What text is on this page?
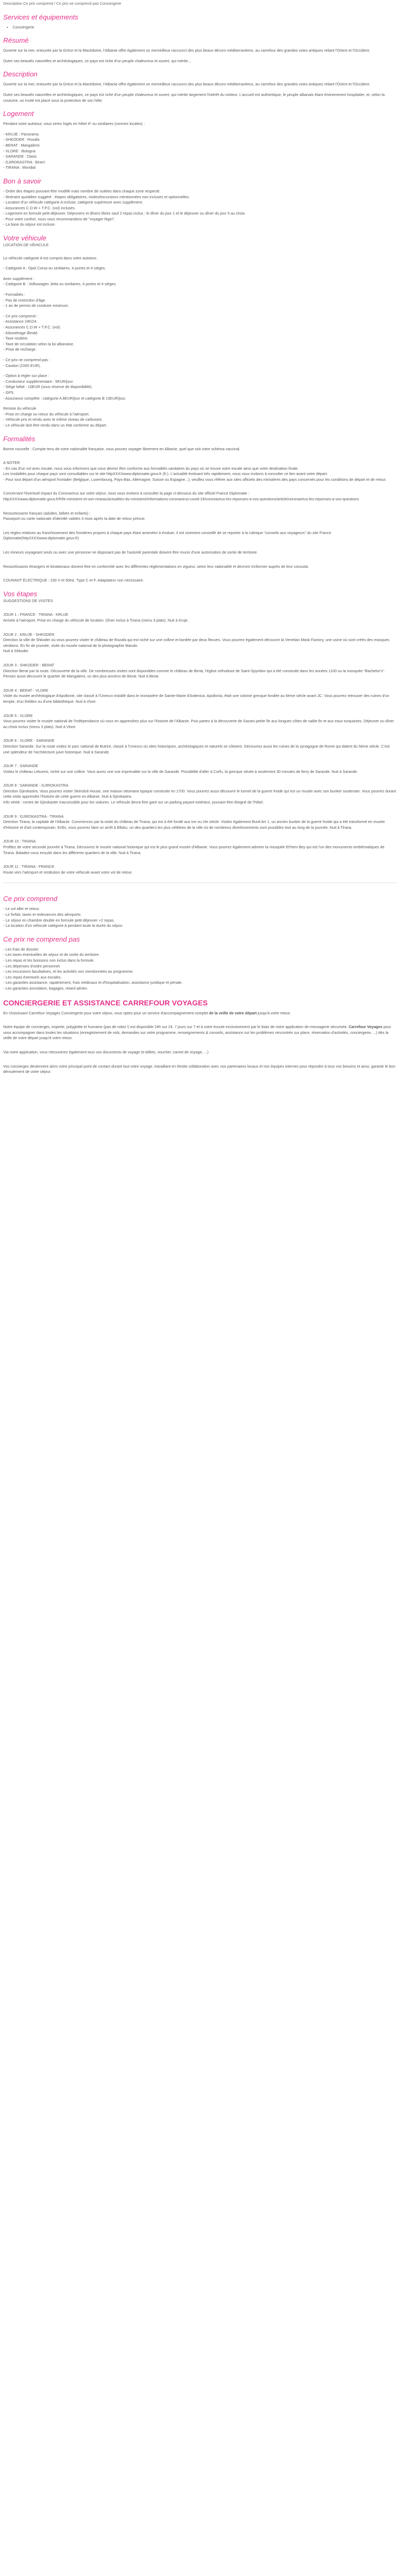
Description Ce prix comprend / Ce prix ne comprend pas Conciergerie
Services et équipements
• Conciergerie
Résumé

Ouverte sur la mer, entourée par la Grèce et la Macédoine, l'Albanie offre également un merveilleux raccourci des plus beaux décors méditerranéens, au carrefour des grandes voies antiques reliant l'Orient et l'Occident.

Outre ses beautés naturelles et archéologiques, ce pays est riche d'un peuple chaleureux et ouvert, qui mérite...

Description

Ouverte sur la mer, entourée par la Grèce et la Macédoine, l'Albanie offre également un merveilleux raccourci des plus beaux décors méditerranéens, au carrefour des grandes voies antiques reliant l'Orient et l'Occident.

Outre ses beautés naturelles et archéologiques, ce pays est riche d'un peuple chaleureux et ouvert, qui mérite largement l'intérêt du visiteur. L'accueil est authentique, le peuple albanais étant éminemment hospitalier, et, selon la coutume, un invité est placé sous la protection de son hôte.

Logement

Pendant votre autotour, vous serez logés en hôtel 4* ou similaires (normes locales) :

- KRUJE : Panorama
- SHKODER : Rozafa
- BERAT : Mangalemi
- VLORE : Bologna
- SARANDE : Oasis
- GJIROKASTRA : Bineri
- TIRANA : Mondial
Bon à savoir
- Ordre des étapes pouvant être modifié mais nombre de nuitées dans chaque zone respecté.
- Itinéraire quotidien suggéré : étapes obligatoires, visites/excursions mentionnées non incluses et optionnelles.
- Location d'un véhicule catégorie A incluse, catégorie supérieure avec supplément.
- Assurances C.D.W + T.P.C. (vol) incluses.
- Logement en formule petit déjeuner. Déjeuners et dîners libres sauf 2 repas inclus : le dîner du jour 1 et le déjeuner ou dîner du jour 5 au choix.
- Pour votre confort, nous vous recommandons de "voyager léger".
- La base du séjour est incluse.
Votre véhicule

LOCATION DE VÉHICULE

Le véhicule catégorie A est compris dans votre autotour.

- Catégorie A : Opel Corsa ou similaires, 4 portes et 4 sièges.

Avec supplément :

- Catégorie B : Volkswagen Jetta ou similaires, 4 portes et 4 sièges.

- Formalités :
- Pas de restriction d'âge.
- 1 an de permis de conduire minimum.
- Ce prix comprend :
- Assistance 24h/24.
- Assurances C.D.W + T.P.C. (vol).
- Kilométrage illimité.
- Taxe routière.
- Taxe de circulation selon la loi albanaise.
- Prise de recharge.
- Ce prix ne comprend pas :
- Caution (1000 EUR).
- Option à régler sur place :
- Conducteur supplémentaire : 5EUR/jour.
- Siège bébé : 10EUR (sous réserve de disponibilité).
- GPS.
- Assurance complète : catégorie A 8EUR/jour et catégorie B 13EUR/jour.
Remise du véhicule
- Prise en charge ou retour du véhicule à l'aéroport.
- Véhicule pris et rendu avec le même niveau de carburant.
- Le véhicule doit être rendu dans un état conforme au départ.
Formalités

Bonne nouvelle : Compte tenu de votre nationalité française, vous pouvez voyager librement en Albanie, quel que soit votre schéma vaccinal.

A NOTER
- En cas d'un vol avec escale, nous vous informons que vous devrez être conforme aux formalités sanitaires du pays où se trouve votre escale ainsi que votre destination finale.
Les modalités pour chaque pays sont consultables sur le site httpXXXXwww.diplomatie.gouv.fr (fr.). L'actualité évoluant très rapidement, nous vous invitons à consulter ce lien avant votre départ.
- Pour tout départ d'un aéroport frontalier (Belgique, Luxembourg, Pays-Bas, Allemagne, Suisse ou Espagne...), veuillez vous référer aux sites officiels des ministères des pays concernés pour les conditions de départ et de retour.

Concernant l'éventuel impact du Coronavirus sur votre séjour, nous vous invitons à consulter la page ci-dessous du site officiel France Diplomatie :

httpXXXXwww.diplomatie.gouv.fr/fr/le-ministere-et-son-reseau/actualites-du-ministere/informations-coronavirus-covid-19/coronavirus-les-reponses-a-vos-questions/article/coronavirus-les-reponses-a-vos-questions

Ressortissants français (adultes, bébés et enfants) :
Passeport ou carte nationale d'identité valides 3 mois après la date de retour prévue.

Les règles relatives au franchissement des frontières propres à chaque pays étant amenées à évoluer, il est vivement conseillé de se reporter à la rubrique "conseils aux voyageurs" du site France Diplomatie(httpXXXXwww.diplomatie.gouv.fr)

Les mineurs voyageant seuls ou avec une personne ne disposant pas de l'autorité parentale doivent être munis d'une autorisation de sortie de territoire.

Ressortissants étrangers et binationaux doivent être en conformité avec les différentes réglementations en vigueur, selon leur nationalité et devront s'informer auprès de leur consulat.

COURANT ÉLECTRIQUE : 230 V et 50Hz. Type C et F. Adaptateur non nécessaire.

Vos étapes

SUGGESTIONS DE VISITES

JOUR 1 : FRANCE - TIRANA - KRUJE

Arrivée à l'aéroport. Prise en charge du véhicule de location. Dîner inclus à Tirana (menu 3 plats). Nuit à Kruje.

JOUR 2 : KRUJE - SHKODER

Direction la ville de Shkoder où vous pourrez visiter le château de Rozafa qui est niché sur une colline et bordée par deux fleuves. Vous pourrez également découvrir la Venetian Mask Factory, une usine où sont créés des masques vénitiens. En fin de journée, visite du musée national de la photographie Marubi.
Nuit à Shkoder.

JOUR 3 : SHKODER - BERAT

Direction Berat par la route. Découverte de la ville. De nombreuses visites sont disponibles comme le château de Berat, l'église orthodoxe de Saint-Spyridon qui a été construite dans les années 1100 ou la mosquée "Bachelor's". Pensez aussi découvrir le quartier de Mangalemi, un des plus anciens de Berat. Nuit à Berat.

JOUR 4 : BERAT - VLORE

Visite du musée archéologique d'Apollonie, site classé à l'Unesco installé dans le monastère de Sainte-Marie d'Ardenica. Apollonia, était une colonie grecque fondée au 6ème siècle avant JC. Vous pourrez retrouver des ruines d'un temple, d'un théâtre ou d'une bibliothèque. Nuit à Vlore.

JOUR 5 : VLORE

Vous pourrez visiter le musée national de l'Indépendance où vous en apprendrez plus sur l'histoire de l'Albanie. Puis partez à la découverte de Sazani petite île aux longues côtes de sable fin et aux eaux turquoises. Déjeuner ou dîner au choix inclus (menu 3 plats). Nuit à Vlore.

JOUR 6 : VLORE - SARANDE

Direction Sarande. Sur la route visitez le parc national de Butrint, classé à l'Unesco où sites historiques, archéologiques et naturels se côtoient. Découvrez aussi les ruines de la synagogue de Rome qui datent du 5ème siècle. C'est une splendeur de l'architecture juive historique. Nuit à Sarande.

JOUR 7 : SARANDE

Visitez le château Lekuresi, niché sur une colline. Vous aurez une vue imprenable sur la ville de Sarande. Possibilité d'aller à Corfu, la grecque située à seulement 30 minutes de ferry de Sarande. Nuit à Sarande.

JOUR 8 : SARANDE - GJIROKASTRA

Direction Gjirokastra. Vous pourrez visiter Skenduli House, une maison ottomane typique construite en 1700. Vous pourrez aussi découvrir le tunnel de la guerre froide qui est un musée avec son bunker souterrain. Vous pourrez durant cette visite apprendre l'histoire de cette guerre en Albanie. Nuit à Gjirokastra.
Info vérité : centre de Gjirokastër inaccessible pour les voitures. Le véhicule devra être garé sur un parking payant extérieur, pouvant être éloigné de l'hôtel.

JOUR 9 : GJIROKASTRA - TIRANA

Direction Tirana, la capitale de l'Albanie. Commencez par la visite du château de Tirana, qui est à été fondé aux Ive ou Vie siècle. Visitez également Bunk'Art 1, un ancien bunker de la guerre froide qui a été transformé en musée d'Histoire et d'art contemporain. Enfin, vous pourrez faire un arrêt à Blloku, un des quartiers les plus célèbres de la ville où de nombreux divertissements sont possibles tout au long de la journée. Nuit à Tirana.

JOUR 10 : TIRANA

Profitez de votre seconde journée à Tirana. Découvrez le musée national historique qui est le plus grand musée d'Albanie. Vous pourrez également admirer la mosquée Et'hem Bey qui est l'un des monuments emblématiques de Tirana. Baladez-vous ensuite dans les différents quartiers de la ville. Nuit à Tirana.

JOUR 11 : TIRANA - FRANCE

Route vers l'aéroport et restitution de votre véhicule avant votre vol de retour.

Ce prix comprend
- Le vol aller et retour.
- Le forfait, taxes et redevances des aéroports.
- Le séjour en chambre double en formule petit déjeuner +2 repas.
- La location d'un véhicule catégorie A pendant toute la durée du séjour.
Ce prix ne comprend pas
- Les frais de dossier.
- Les taxes éventuelles de séjour et de sortie du territoire.
- Les repas et les boissons non inclus dans la formule.
- Les dépenses d'ordre personnel.
- Les excursions facultatives, et les activités non mentionnées au programme.
- Les repas éventuels aux escales.
- Les garanties assistance, rapatriement, frais médicaux et d'hospitalisation, assistance juridique et pénale.
- Les garanties annulation, bagages, retard aérien.
CONCIERGERIE ET ASSISTANCE CARREFOUR VOYAGES

En choisissant Carrefour Voyages Conciergerie pour votre séjour, vous optez pour un service d'accompagnement complet de la veille de votre départ jusqu'à votre retour.

Notre équipe de concierges, experte, polyglotte et humaine (pas de robot !) est disponible 24h sur 24, 7 jours sur 7 et à votre écoute exclusivement par le biais de notre application de messagerie sécurisée. Carrefour Voyages pour vous accompagner dans toutes les situations (enregistrement de vols, demandes sur votre programme, renseignements & conseils, assistance sur les problèmes rencontrés sur place, réservation d'activités, conciergerie, ...) dès la veille de votre départ jusqu'à votre retour.

Via notre application, vous retrouverez également tous vos documents de voyage (e-billets, voucher, carnet de voyage, ...)

Vos concierges deviennent alors votre principal point de contact durant tout votre voyage, travaillant en étroite collaboration avec nos partenaires locaux et nos équipes internes pour répondre à tous vos besoins et ainsi, garantir le bon déroulement de votre séjour.
